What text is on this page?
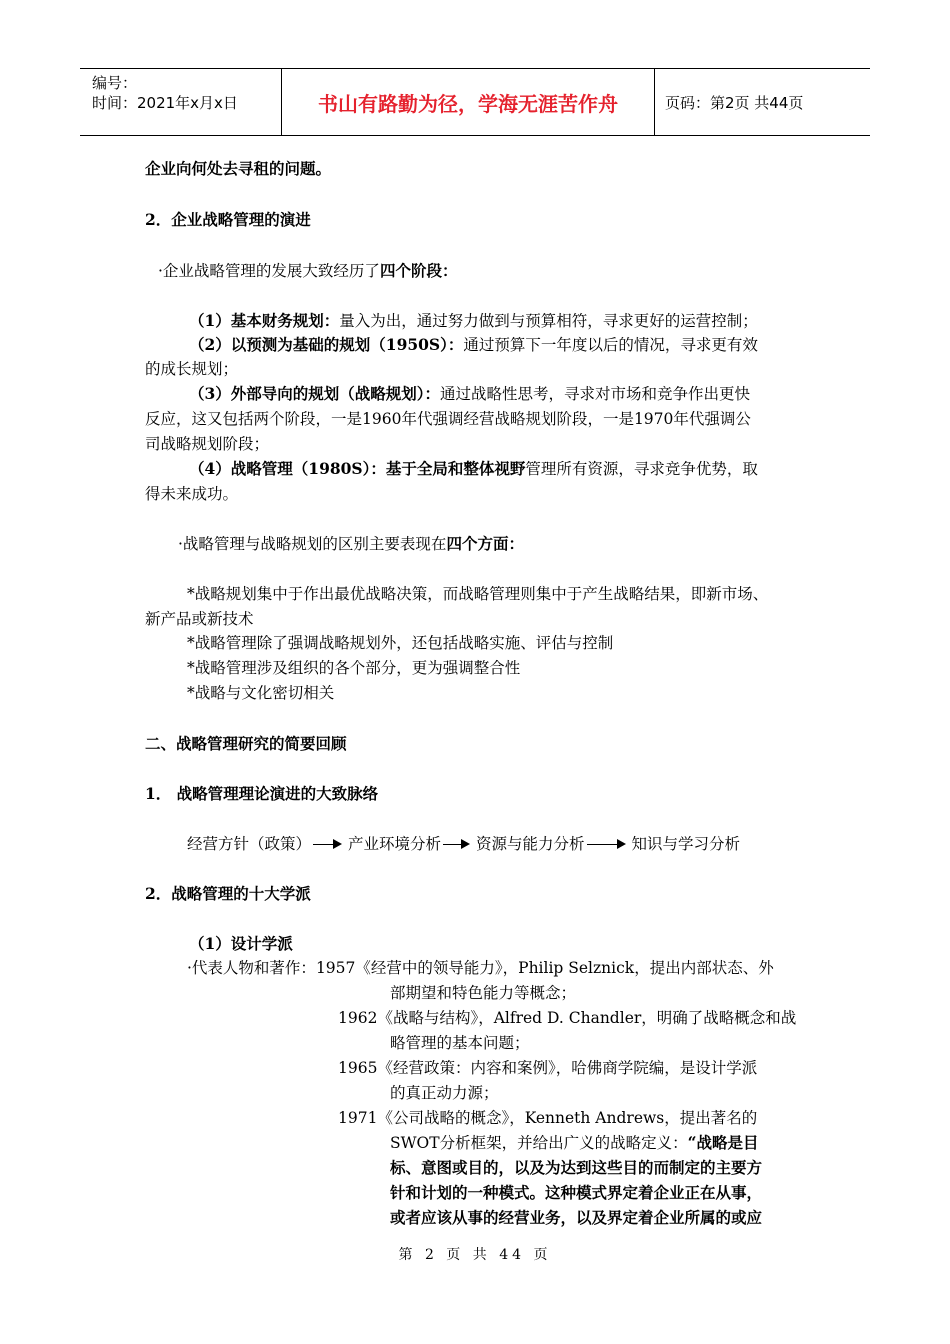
编号：
时间：2021年x月x日	书山有路勤为径，学海无涯苦作舟	页码：第2页 共44页
企业向何处去寻租的问题。
2．企业战略管理的演进
·企业战略管理的发展大致经历了四个阶段：
（1）基本财务规划：量入为出，通过努力做到与预算相符，寻求更好的运营控制；
（2）以预测为基础的规划（1950S）：通过预算下一年度以后的情况，寻求更有效
的成长规划；
（3）外部导向的规划（战略规划）：通过战略性思考，寻求对市场和竞争作出更快
反应，这又包括两个阶段，一是1960年代强调经营战略规划阶段，一是1970年代强调公
司战略规划阶段；
（4）战略管理（1980S）：基于全局和整体视野管理所有资源，寻求竞争优势，取
得未来成功。
·战略管理与战略规划的区别主要表现在四个方面：
*战略规划集中于作出最优战略决策，而战略管理则集中于产生战略结果，即新市场、
新产品或新技术
*战略管理除了强调战略规划外，还包括战略实施、评估与控制
*战略管理涉及组织的各个部分，更为强调整合性
*战略与文化密切相关
二、战略管理研究的简要回顾
1． 战略管理理论演进的大致脉络
经营方针（政策） 产业环境分析 资源与能力分析	知识与学习分析
2．战略管理的十大学派
（1）设计学派
·代表人物和著作：1957《经营中的领导能力》，Philip Selznick，提出内部状态、外
部期望和特色能力等概念；
1962《战略与结构》，Alfred D. Chandler，明确了战略概念和战
略管理的基本问题；
1965《经营政策：内容和案例》，哈佛商学院编，是设计学派
的真正动力源；
1971《公司战略的概念》，Kenneth Andrews，提出著名的
SWOT分析框架，并给出广义的战略定义：“战略是目
标、意图或目的，以及为达到这些目的而制定的主要方
针和计划的一种模式。这种模式界定着企业正在从事，
或者应该从事的经营业务，以及界定着企业所属的或应
第 2 页 共 44 页
